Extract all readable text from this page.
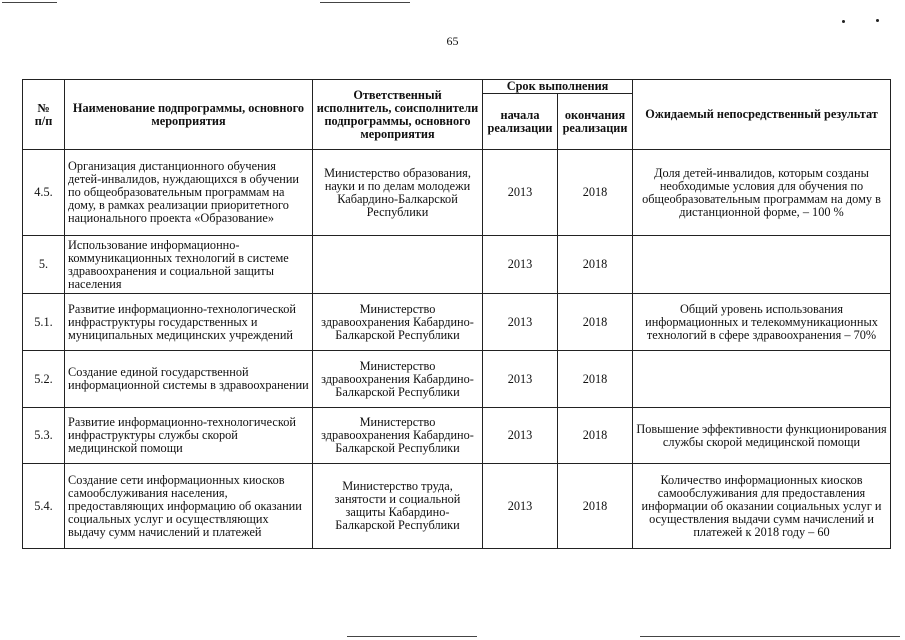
65
№
п/п	Наименование подпрограммы, основного мероприятия	Ответственный исполнитель, соисполнители подпрограммы, основного мероприятия	Срок выполнения		Ожидаемый непосредственный результат
			начала реализации	окончания реализации	
4.5.	Организация дистанционного обучения детей-инвалидов, нуждающихся в обучении по общеобразовательным программам на дому, в рамках реализации приоритетного национального проекта «Образование»	Министерство образования, науки и по делам молодежи Кабардино-Балкарской Республики	2013	2018	Доля детей-инвалидов, которым созданы необходимые условия для обучения по общеобразовательным программам на дому в дистанционной форме, – 100 %
5.	Использование информационно-коммуникационных технологий в системе здравоохранения и социальной защиты населения		2013	2018	
5.1.	Развитие информационно-технологической инфраструктуры государственных и муниципальных медицинских учреждений	Министерство здравоохранения Кабардино-Балкарской Республики	2013	2018	Общий уровень использования информационных и телекоммуникационных технологий в сфере здравоохранения – 70%
5.2.	Создание единой государственной информационной системы в здравоохранении	Министерство здравоохранения Кабардино-Балкарской Республики	2013	2018	
5.3.	Развитие информационно-технологической инфраструктуры службы скорой медицинской помощи	Министерство здравоохранения Кабардино-Балкарской Республики	2013	2018	Повышение эффективности функционирования службы скорой медицинской помощи
5.4.	Создание сети информационных киосков самообслуживания населения, предоставляющих информацию об оказании социальных услуг и осуществляющих выдачу сумм начислений и платежей	Министерство труда, занятости и социальной защиты Кабардино-Балкарской Республики	2013	2018	Количество информационных киосков самообслуживания для предоставления информации об оказании социальных услуг и осуществления выдачи сумм начислений и платежей к 2018 году – 60
